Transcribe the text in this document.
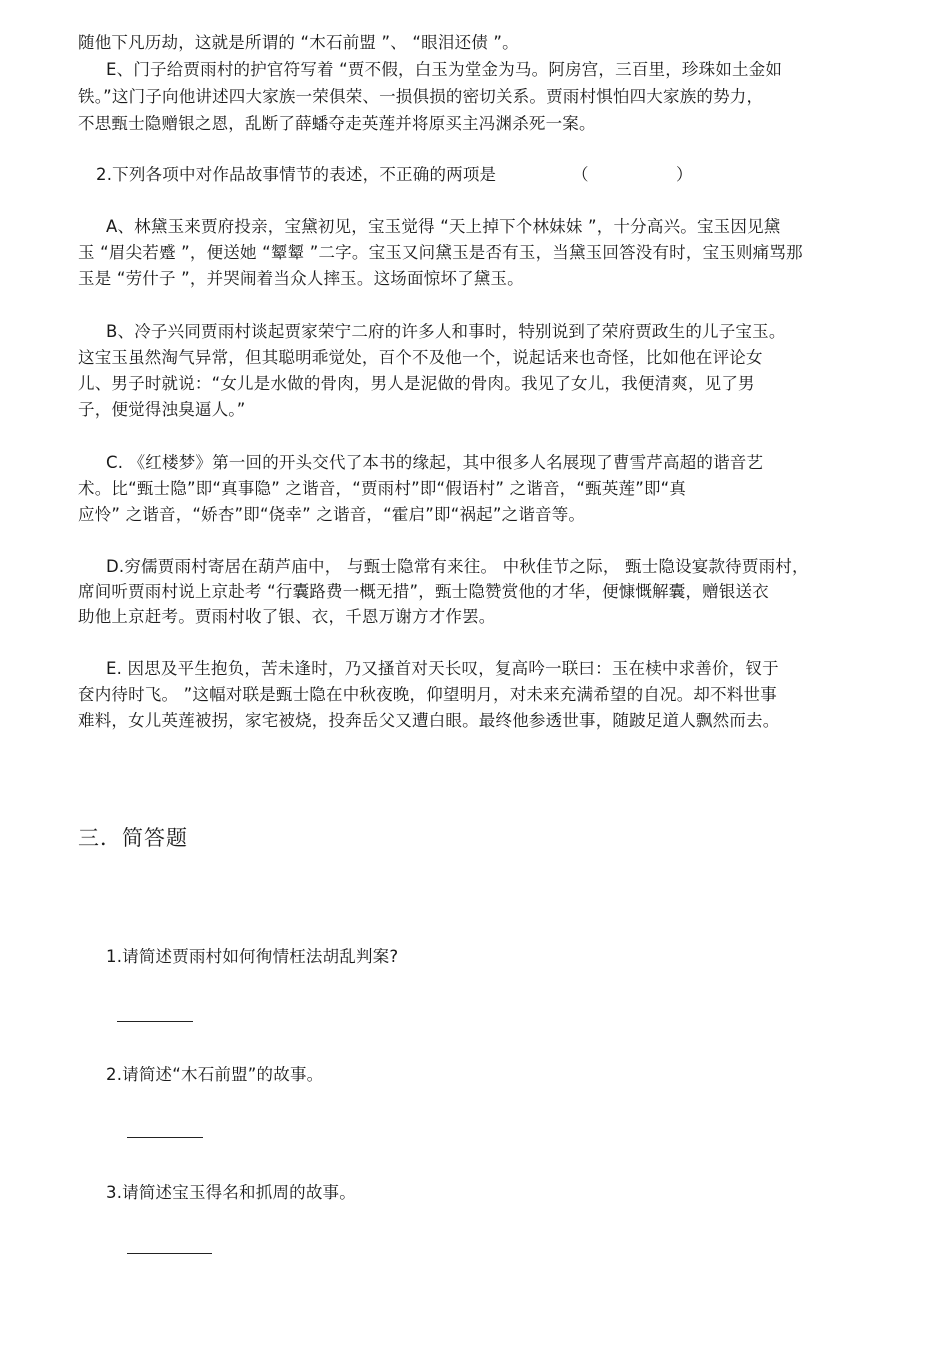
随他下凡历劫，这就是所谓的 “木石前盟 ”、 “眼泪还债 ”。
E、门子给贾雨村的护官符写着 “贾不假，白玉为堂金为马。阿房宫，三百里，珍珠如土金如
铁。”这门子向他讲述四大家族一荣俱荣、一损俱损的密切关系。贾雨村惧怕四大家族的势力，
不思甄士隐赠银之恩，乱断了薛蟠夺走英莲并将原买主冯渊杀死一案。
2.下列各项中对作品故事情节的表述，不正确的两项是	（	）
A、林黛玉来贾府投亲，宝黛初见，宝玉觉得 “天上掉下个林妹妹 ”，十分高兴。宝玉因见黛
玉 “眉尖若蹙 ”，便送她 “颦颦 ”二字。宝玉又问黛玉是否有玉，当黛玉回答没有时，宝玉则痛骂那
玉是 “劳什子 ”，并哭闹着当众人摔玉。这场面惊坏了黛玉。
B、冷子兴同贾雨村谈起贾家荣宁二府的许多人和事时，特别说到了荣府贾政生的儿子宝玉。
这宝玉虽然淘气异常，但其聪明乖觉处，百个不及他一个，说起话来也奇怪，比如他在评论女
儿、男子时就说：“女儿是水做的骨肉，男人是泥做的骨肉。我见了女儿，我便清爽，见了男
子，便觉得浊臭逼人。”
C. 《红楼梦》第一回的开头交代了本书的缘起，其中很多人名展现了曹雪芹高超的谐音艺
术。比“甄士隐”即“真事隐” 之谐音，“贾雨村”即“假语村” 之谐音，“甄英莲”即“真
应怜” 之谐音，“娇杏”即“侥幸” 之谐音，“霍启”即“祸起”之谐音等。
D.穷儒贾雨村寄居在葫芦庙中， 与甄士隐常有来往。 中秋佳节之际， 甄士隐设宴款待贾雨村，
席间听贾雨村说上京赴考 “行囊路费一概无措”，甄士隐赞赏他的才华，便慷慨解囊，赠银送衣
助他上京赶考。贾雨村收了银、衣，千恩万谢方才作罢。
E. 因思及平生抱负，苦未逢时，乃又搔首对天长叹，复高吟一联曰：玉在椟中求善价，钗于
奁内待时飞。 ”这幅对联是甄士隐在中秋夜晚，仰望明月，对未来充满希望的自况。却不料世事
难料，女儿英莲被拐，家宅被烧，投奔岳父又遭白眼。最终他参透世事，随跛足道人飘然而去。
三．简答题
1.请简述贾雨村如何徇情枉法胡乱判案?
2.请简述“木石前盟”的故事。
3.请简述宝玉得名和抓周的故事。
